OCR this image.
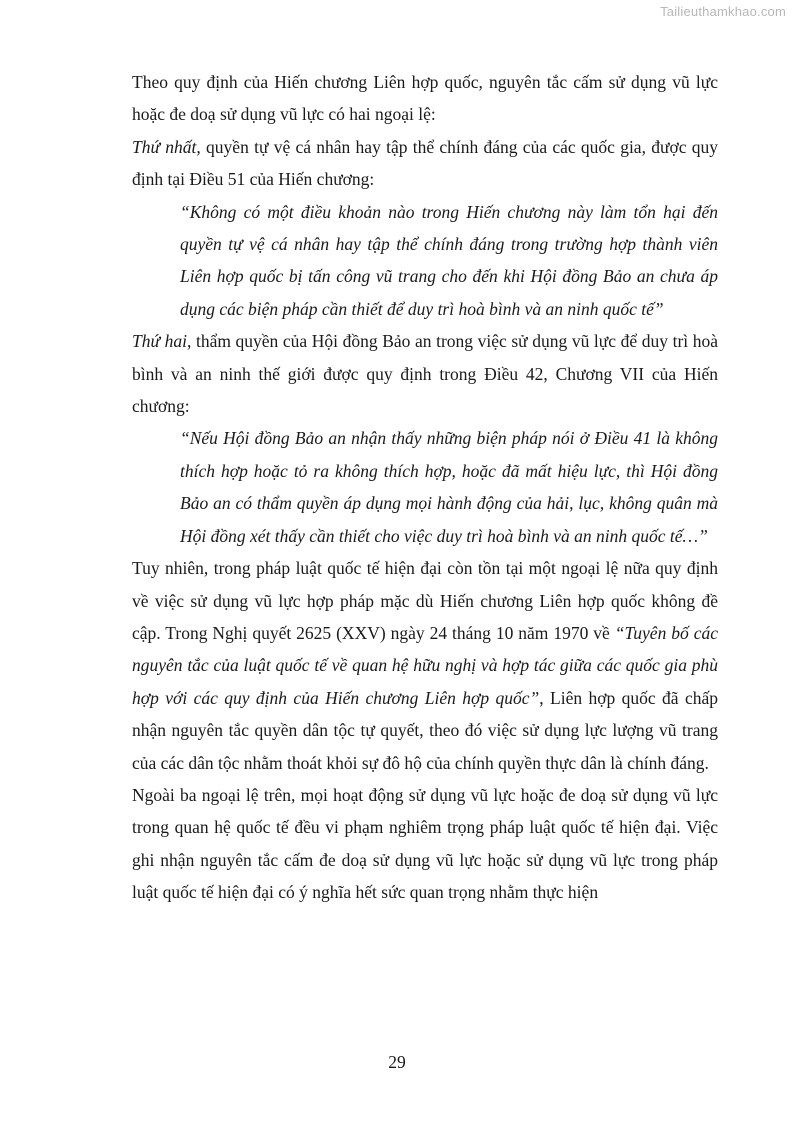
Tailieuthamkhao.com

Theo quy định của Hiến chương Liên hợp quốc, nguyên tắc cấm sử dụng vũ lực hoặc đe doạ sử dụng vũ lực có hai ngoại lệ:

Thứ nhất, quyền tự vệ cá nhân hay tập thể chính đáng của các quốc gia, được quy định tại Điều 51 của Hiến chương:

“Không có một điều khoản nào trong Hiến chương này làm tổn hại đến quyền tự vệ cá nhân hay tập thể chính đáng trong trường hợp thành viên Liên hợp quốc bị tấn công vũ trang cho đến khi Hội đồng Bảo an chưa áp dụng các biện pháp cần thiết để duy trì hoà bình và an ninh quốc tế”

Thứ hai, thẩm quyền của Hội đồng Bảo an trong việc sử dụng vũ lực để duy trì hoà bình và an ninh thế giới được quy định trong Điều 42, Chương VII của Hiến chương:

“Nếu Hội đồng Bảo an nhận thấy những biện pháp nói ở Điều 41 là không thích hợp hoặc tỏ ra không thích hợp, hoặc đã mất hiệu lực, thì Hội đồng Bảo an có thẩm quyền áp dụng mọi hành động của hải, lục, không quân mà Hội đồng xét thấy cần thiết cho việc duy trì hoà bình và an ninh quốc tế…”

Tuy nhiên, trong pháp luật quốc tế hiện đại còn tồn tại một ngoại lệ nữa quy định về việc sử dụng vũ lực hợp pháp mặc dù Hiến chương Liên hợp quốc không đề cập. Trong Nghị quyết 2625 (XXV) ngày 24 tháng 10 năm 1970 về “Tuyên bố các nguyên tắc của luật quốc tế về quan hệ hữu nghị và hợp tác giữa các quốc gia phù hợp với các quy định của Hiến chương Liên hợp quốc”, Liên hợp quốc đã chấp nhận nguyên tắc quyền dân tộc tự quyết, theo đó việc sử dụng lực lượng vũ trang của các dân tộc nhằm thoát khỏi sự đô hộ của chính quyền thực dân là chính đáng.

Ngoài ba ngoại lệ trên, mọi hoạt động sử dụng vũ lực hoặc đe doạ sử dụng vũ lực trong quan hệ quốc tế đều vi phạm nghiêm trọng pháp luật quốc tế hiện đại. Việc ghi nhận nguyên tắc cấm đe doạ sử dụng vũ lực hoặc sử dụng vũ lực trong pháp luật quốc tế hiện đại có ý nghĩa hết sức quan trọng nhằm thực hiện

29
